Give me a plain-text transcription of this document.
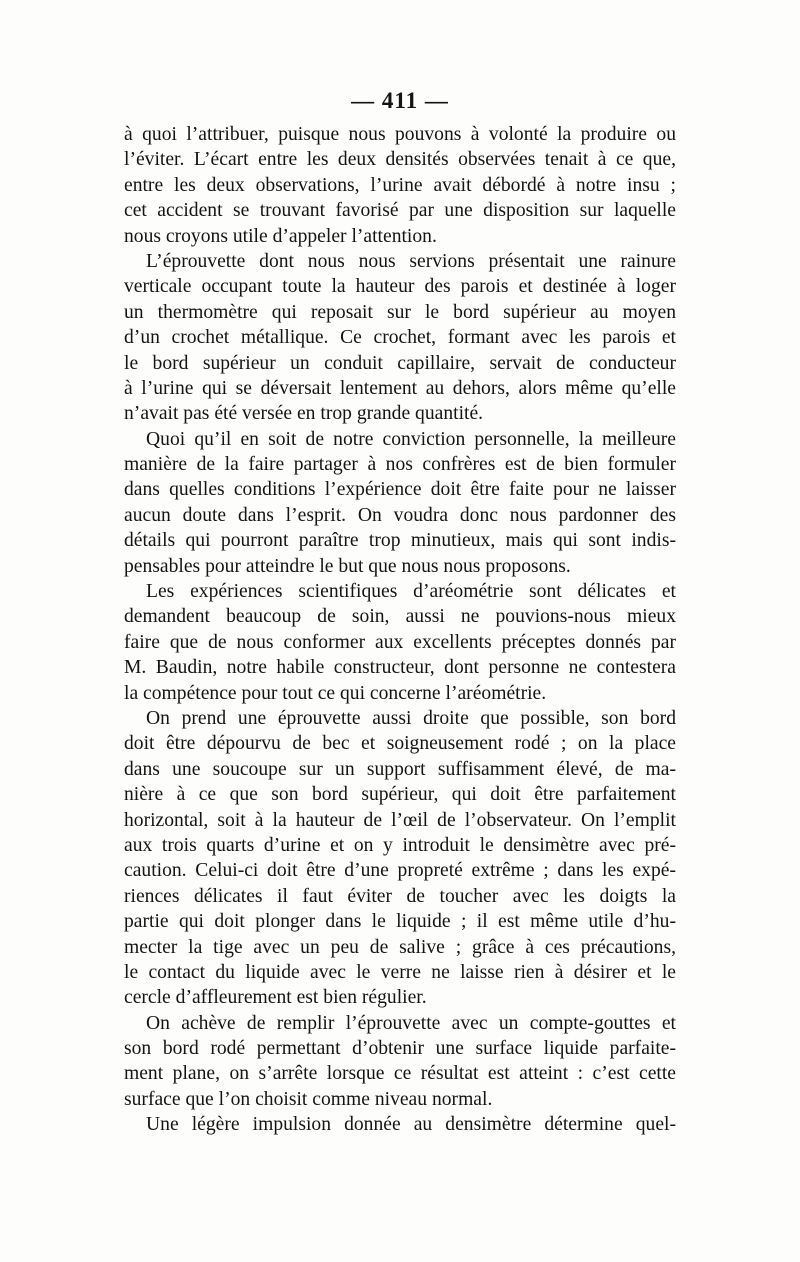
— 411 —
à quoi l’attribuer, puisque nous pouvons à volonté la produire ou
l’éviter. L’écart entre les deux densités observées tenait à ce que,
entre les deux observations, l’urine avait débordé à notre insu ;
cet accident se trouvant favorisé par une disposition sur laquelle
nous croyons utile d’appeler l’attention.
L’éprouvette dont nous nous servions présentait une rainure
verticale occupant toute la hauteur des parois et destinée à loger
un thermomètre qui reposait sur le bord supérieur au moyen
d’un crochet métallique. Ce crochet, formant avec les parois et
le bord supérieur un conduit capillaire, servait de conducteur
à l’urine qui se déversait lentement au dehors, alors même qu’elle
n’avait pas été versée en trop grande quantité.
Quoi qu’il en soit de notre conviction personnelle, la meilleure
manière de la faire partager à nos confrères est de bien formuler
dans quelles conditions l’expérience doit être faite pour ne laisser
aucun doute dans l’esprit. On voudra donc nous pardonner des
détails qui pourront paraître trop minutieux, mais qui sont indis-
pensables pour atteindre le but que nous nous proposons.
Les expériences scientifiques d’aréométrie sont délicates et
demandent beaucoup de soin, aussi ne pouvions-nous mieux
faire que de nous conformer aux excellents préceptes donnés par
M. Baudin, notre habile constructeur, dont personne ne contestera
la compétence pour tout ce qui concerne l’aréométrie.
On prend une éprouvette aussi droite que possible, son bord
doit être dépourvu de bec et soigneusement rodé ; on la place
dans une soucoupe sur un support suffisamment élevé, de ma-
nière à ce que son bord supérieur, qui doit être parfaitement
horizontal, soit à la hauteur de l’œil de l’observateur. On l’emplit
aux trois quarts d’urine et on y introduit le densimètre avec pré-
caution. Celui-ci doit être d’une propreté extrême ; dans les expé-
riences délicates il faut éviter de toucher avec les doigts la
partie qui doit plonger dans le liquide ; il est même utile d’hu-
mecter la tige avec un peu de salive ; grâce à ces précautions,
le contact du liquide avec le verre ne laisse rien à désirer et le
cercle d’affleurement est bien régulier.
On achève de remplir l’éprouvette avec un compte-gouttes et
son bord rodé permettant d’obtenir une surface liquide parfaite-
ment plane, on s’arrête lorsque ce résultat est atteint : c’est cette
surface que l’on choisit comme niveau normal.
Une légère impulsion donnée au densimètre détermine quel-
